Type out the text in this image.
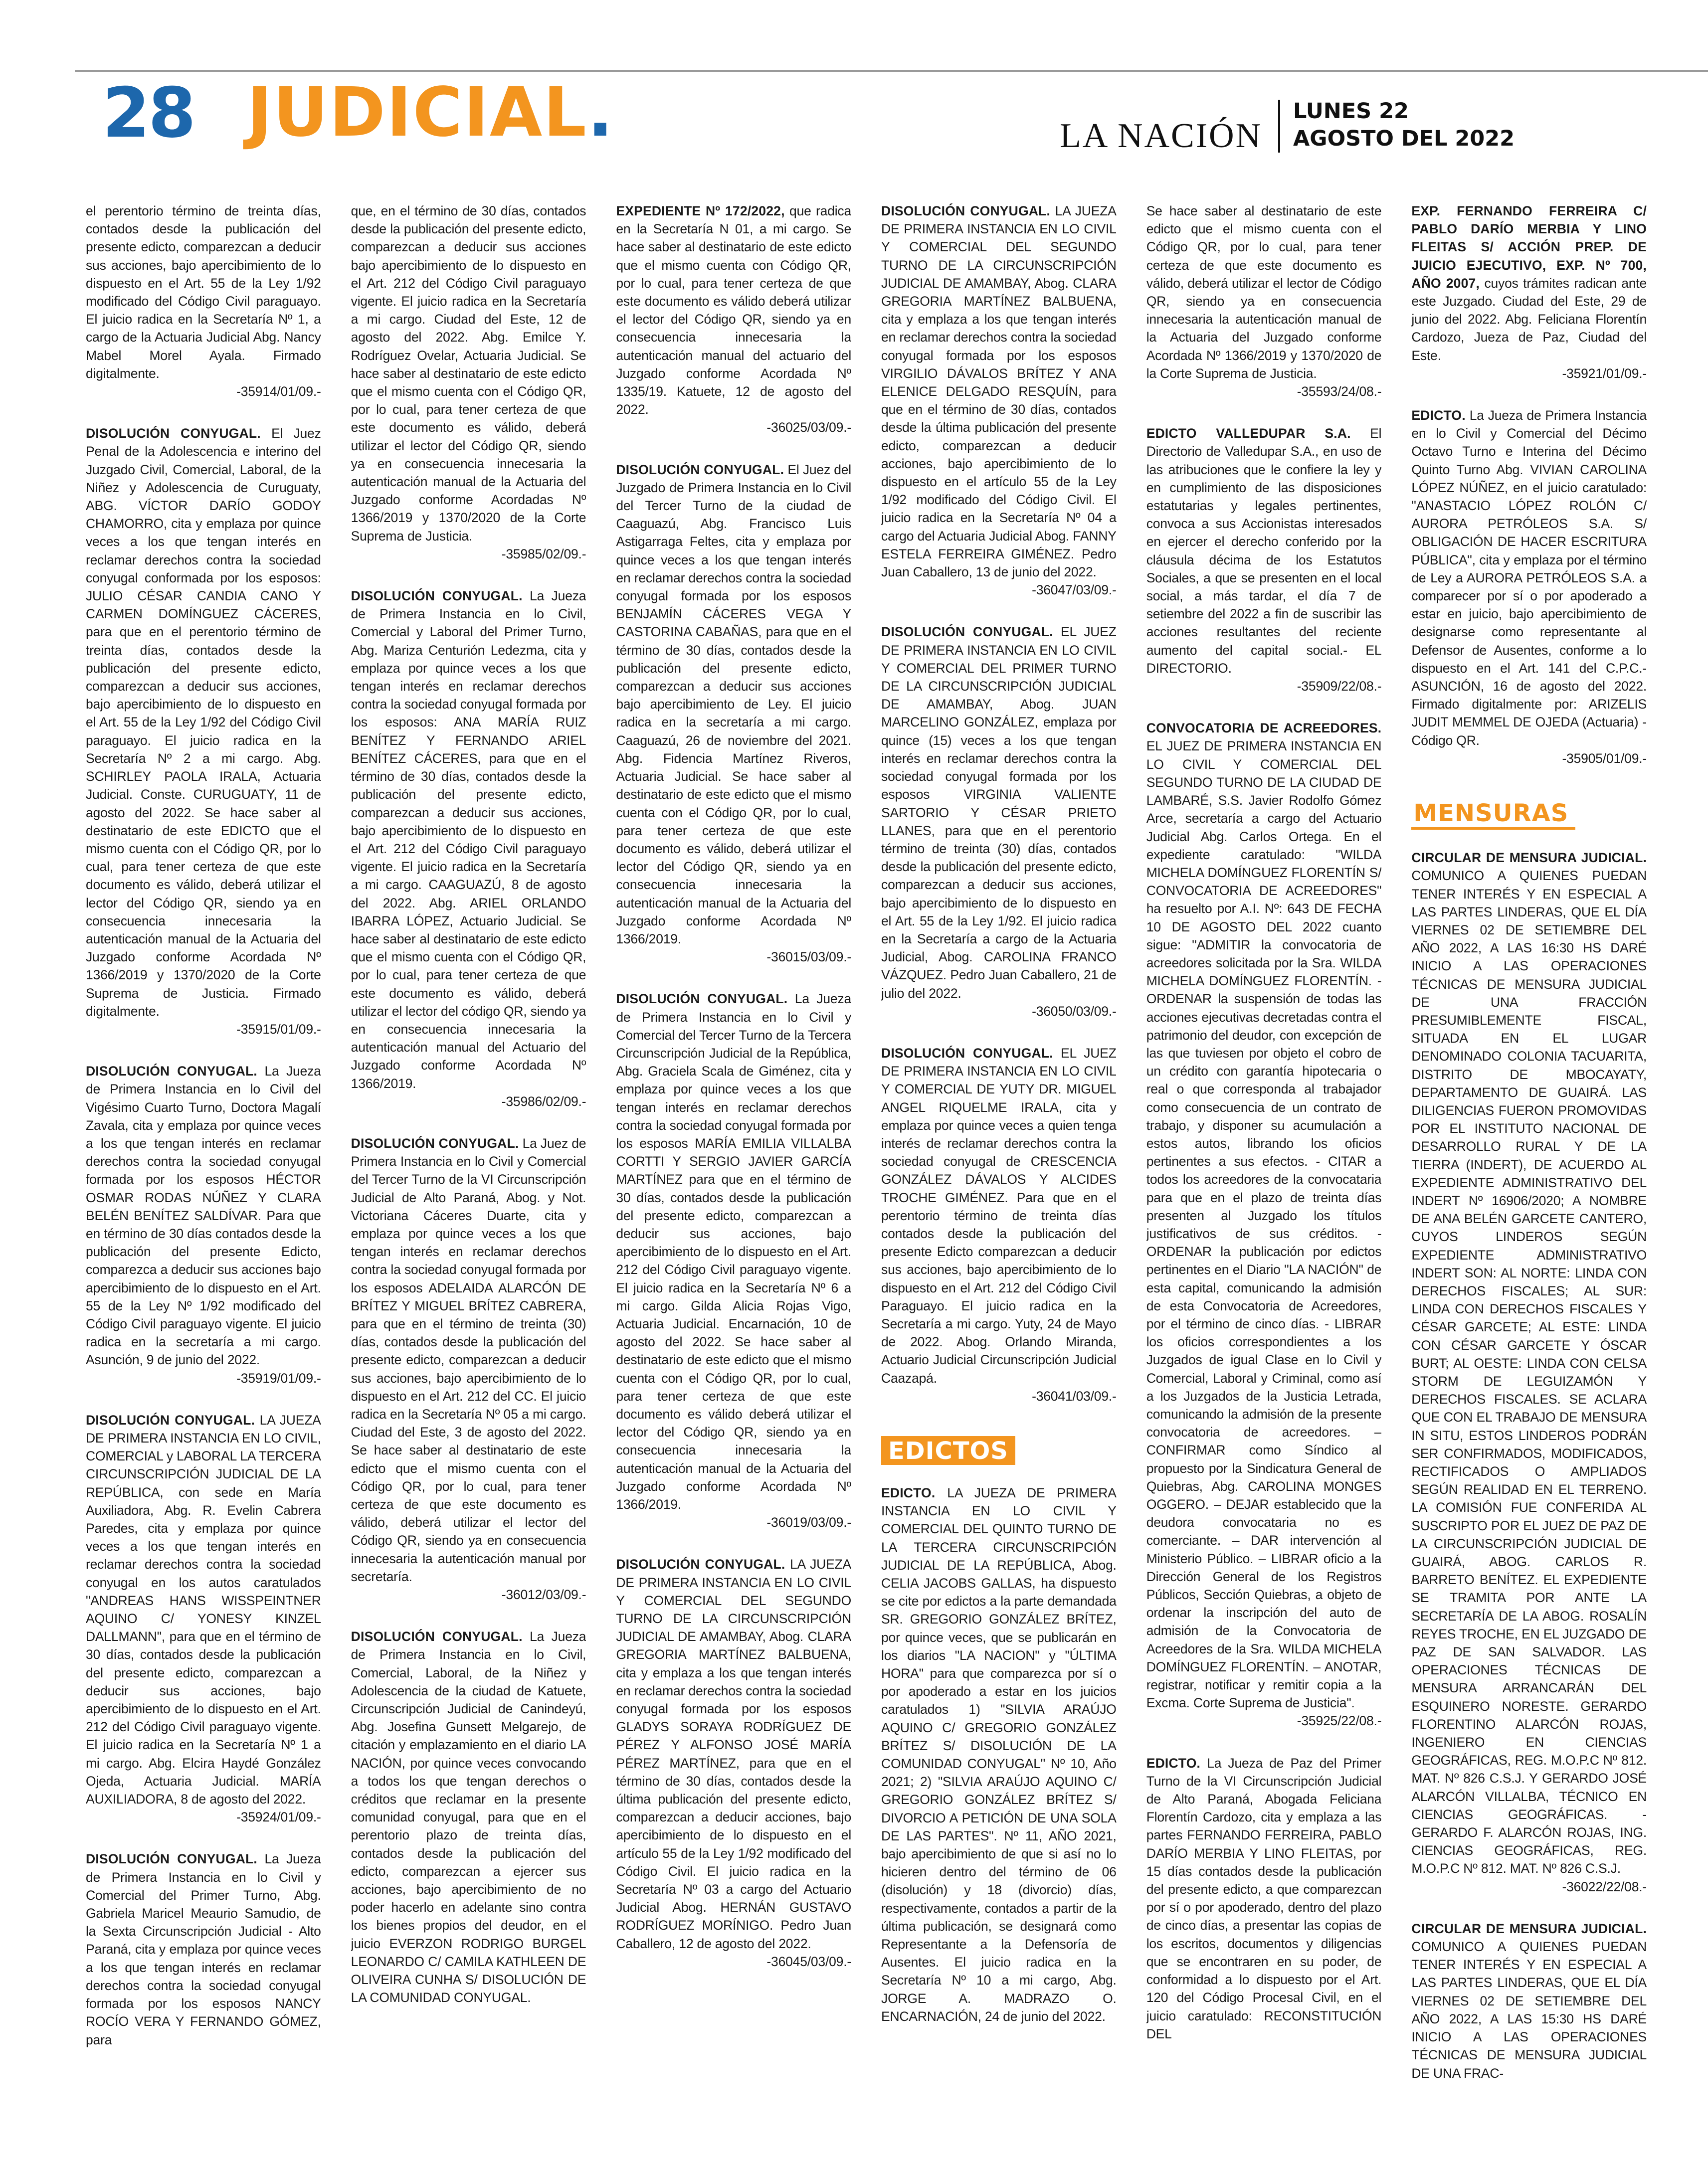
28 JUDICIAL.	LA NACIÓN
LUNES 22
AGOSTO DEL 2022

el perentorio término de treinta días, contados desde la publicación del presente edicto, comparezcan a deducir sus acciones, bajo apercibimiento de lo dispuesto en el Art. 55 de la Ley 1/92 modificado del Código Civil paraguayo. El juicio radica en la Secretaría Nº 1, a cargo de la Actuaria Judicial Abg. Nancy Mabel Morel Ayala. Firmado digitalmente.
-35914/01/09.-

DISOLUCIÓN CONYUGAL. El Juez Penal de la Adolescencia e interino del Juzgado Civil, Comercial, Laboral, de la Niñez y Adolescencia de Curuguaty, ABG. VÍCTOR DARÍO GODOY CHAMORRO, cita y emplaza por quince veces a los que tengan interés en reclamar derechos contra la sociedad conyugal conformada por los esposos: JULIO CÉSAR CANDIA CANO Y CARMEN DOMÍNGUEZ CÁCERES, para que en el perentorio término de treinta días, contados desde la publicación del presente edicto, comparezcan a deducir sus acciones, bajo apercibimiento de lo dispuesto en el Art. 55 de la Ley 1/92 del Código Civil paraguayo. El juicio radica en la Secretaría Nº 2 a mi cargo. Abg. SCHIRLEY PAOLA IRALA, Actuaria Judicial. Conste. CURUGUATY, 11 de agosto del 2022. Se hace saber al destinatario de este EDICTO que el mismo cuenta con el Código QR, por lo cual, para tener certeza de que este documento es válido, deberá utilizar el lector del Código QR, siendo ya en consecuencia innecesaria la autenticación manual de la Actuaria del Juzgado conforme Acordada Nº 1366/2019 y 1370/2020 de la Corte Suprema de Justicia. Firmado digitalmente.
-35915/01/09.-

DISOLUCIÓN CONYUGAL. La Jueza de Primera Instancia en lo Civil del Vigésimo Cuarto Turno, Doctora Magalí Zavala, cita y emplaza por quince veces a los que tengan interés en reclamar derechos contra la sociedad conyugal formada por los esposos HÉCTOR OSMAR RODAS NÚÑEZ Y CLARA BELÉN BENÍTEZ SALDÍVAR. Para que en término de 30 días contados desde la publicación del presente Edicto, comparezca a deducir sus acciones bajo apercibimiento de lo dispuesto en el Art. 55 de la Ley Nº 1/92 modificado del Código Civil paraguayo vigente. El juicio radica en la secretaría a mi cargo. Asunción, 9 de junio del 2022.
-35919/01/09.-

DISOLUCIÓN CONYUGAL. LA JUEZA DE PRIMERA INSTANCIA EN LO CIVIL, COMERCIAL y LABORAL LA TERCERA CIRCUNSCRIPCIÓN JUDICIAL DE LA REPÚBLICA, con sede en María Auxiliadora, Abg. R. Evelin Cabrera Paredes, cita y emplaza por quince veces a los que tengan interés en reclamar derechos contra la sociedad conyugal en los autos caratulados "ANDREAS HANS WISSPEINTNER AQUINO C/ YONESY KINZEL DALLMANN", para que en el término de 30 días, contados desde la publicación del presente edicto, comparezcan a deducir sus acciones, bajo apercibimiento de lo dispuesto en el Art. 212 del Código Civil paraguayo vigente. El juicio radica en la Secretaría Nº 1 a mi cargo. Abg. Elcira Haydé González Ojeda, Actuaria Judicial. MARÍA AUXILIADORA, 8 de agosto del 2022.
-35924/01/09.-

DISOLUCIÓN CONYUGAL. La Jueza de Primera Instancia en lo Civil y Comercial del Primer Turno, Abg. Gabriela Maricel Meaurio Samudio, de la Sexta Circunscripción Judicial - Alto Paraná, cita y emplaza por quince veces a los que tengan interés en reclamar derechos contra la sociedad conyugal formada por los esposos NANCY ROCÍO VERA Y FERNANDO GÓMEZ, para

que, en el término de 30 días, contados desde la publicación del presente edicto, comparezcan a deducir sus acciones bajo apercibimiento de lo dispuesto en el Art. 212 del Código Civil paraguayo vigente. El juicio radica en la Secretaría a mi cargo. Ciudad del Este, 12 de agosto del 2022. Abg. Emilce Y. Rodríguez Ovelar, Actuaria Judicial. Se hace saber al destinatario de este edicto que el mismo cuenta con el Código QR, por lo cual, para tener certeza de que este documento es válido, deberá utilizar el lector del Código QR, siendo ya en consecuencia innecesaria la autenticación manual de la Actuaria del Juzgado conforme Acordadas Nº 1366/2019 y 1370/2020 de la Corte Suprema de Justicia.
-35985/02/09.-

DISOLUCIÓN CONYUGAL. La Jueza de Primera Instancia en lo Civil, Comercial y Laboral del Primer Turno, Abg. Mariza Centurión Ledezma, cita y emplaza por quince veces a los que tengan interés en reclamar derechos contra la sociedad conyugal formada por los esposos: ANA MARÍA RUIZ BENÍTEZ Y FERNANDO ARIEL BENÍTEZ CÁCERES, para que en el término de 30 días, contados desde la publicación del presente edicto, comparezcan a deducir sus acciones, bajo apercibimiento de lo dispuesto en el Art. 212 del Código Civil paraguayo vigente. El juicio radica en la Secretaría a mi cargo. CAAGUAZÚ, 8 de agosto del 2022. Abg. ARIEL ORLANDO IBARRA LÓPEZ, Actuario Judicial. Se hace saber al destinatario de este edicto que el mismo cuenta con el Código QR, por lo cual, para tener certeza de que este documento es válido, deberá utilizar el lector del código QR, siendo ya en consecuencia innecesaria la autenticación manual del Actuario del Juzgado conforme Acordada Nº 1366/2019.
-35986/02/09.-

DISOLUCIÓN CONYUGAL. La Juez de Primera Instancia en lo Civil y Comercial del Tercer Turno de la VI Circunscripción Judicial de Alto Paraná, Abog. y Not. Victoriana Cáceres Duarte, cita y emplaza por quince veces a los que tengan interés en reclamar derechos contra la sociedad conyugal formada por los esposos ADELAIDA ALARCÓN DE BRÍTEZ Y MIGUEL BRÍTEZ CABRERA, para que en el término de treinta (30) días, contados desde la publicación del presente edicto, comparezcan a deducir sus acciones, bajo apercibimiento de lo dispuesto en el Art. 212 del CC. El juicio radica en la Secretaría Nº 05 a mi cargo. Ciudad del Este, 3 de agosto del 2022. Se hace saber al destinatario de este edicto que el mismo cuenta con el Código QR, por lo cual, para tener certeza de que este documento es válido, deberá utilizar el lector del Código QR, siendo ya en consecuencia innecesaria la autenticación manual por secretaría.
-36012/03/09.-

DISOLUCIÓN CONYUGAL. La Jueza de Primera Instancia en lo Civil, Comercial, Laboral, de la Niñez y Adolescencia de la ciudad de Katuete, Circunscripción Judicial de Canindeyú, Abg. Josefina Gunsett Melgarejo, de citación y emplazamiento en el diario LA NACIÓN, por quince veces convocando a todos los que tengan derechos o créditos que reclamar en la presente comunidad conyugal, para que en el perentorio plazo de treinta días, contados desde la publicación del edicto, comparezcan a ejercer sus acciones, bajo apercibimiento de no poder hacerlo en adelante sino contra los bienes propios del deudor, en el juicio EVERZON RODRIGO BURGEL LEONARDO C/ CAMILA KATHLEEN DE OLIVEIRA CUNHA S/ DISOLUCIÓN DE LA COMUNIDAD CONYUGAL.

EXPEDIENTE Nº 172/2022, que radica en la Secretaría N 01, a mi cargo. Se hace saber al destinatario de este edicto que el mismo cuenta con Código QR, por lo cual, para tener certeza de que este documento es válido deberá utilizar el lector del Código QR, siendo ya en consecuencia innecesaria la autenticación manual del actuario del Juzgado conforme Acordada Nº 1335/19. Katuete, 12 de agosto del 2022.
-36025/03/09.-

DISOLUCIÓN CONYUGAL. El Juez del Juzgado de Primera Instancia en lo Civil del Tercer Turno de la ciudad de Caaguazú, Abg. Francisco Luis Astigarraga Feltes, cita y emplaza por quince veces a los que tengan interés en reclamar derechos contra la sociedad conyugal formada por los esposos BENJAMÍN CÁCERES VEGA Y CASTORINA CABAÑAS, para que en el término de 30 días, contados desde la publicación del presente edicto, comparezcan a deducir sus acciones bajo apercibimiento de Ley. El juicio radica en la secretaría a mi cargo. Caaguazú, 26 de noviembre del 2021. Abg. Fidencia Martínez Riveros, Actuaria Judicial. Se hace saber al destinatario de este edicto que el mismo cuenta con el Código QR, por lo cual, para tener certeza de que este documento es válido, deberá utilizar el lector del Código QR, siendo ya en consecuencia innecesaria la autenticación manual de la Actuaria del Juzgado conforme Acordada Nº 1366/2019.
-36015/03/09.-

DISOLUCIÓN CONYUGAL. La Jueza de Primera Instancia en lo Civil y Comercial del Tercer Turno de la Tercera Circunscripción Judicial de la República, Abg. Graciela Scala de Giménez, cita y emplaza por quince veces a los que tengan interés en reclamar derechos contra la sociedad conyugal formada por los esposos MARÍA EMILIA VILLALBA CORTTI Y SERGIO JAVIER GARCÍA MARTÍNEZ para que en el término de 30 días, contados desde la publicación del presente edicto, comparezcan a deducir sus acciones, bajo apercibimiento de lo dispuesto en el Art. 212 del Código Civil paraguayo vigente. El juicio radica en la Secretaría Nº 6 a mi cargo. Gilda Alicia Rojas Vigo, Actuaria Judicial. Encarnación, 10 de agosto del 2022. Se hace saber al destinatario de este edicto que el mismo cuenta con el Código QR, por lo cual, para tener certeza de que este documento es válido deberá utilizar el lector del Código QR, siendo ya en consecuencia innecesaria la autenticación manual de la Actuaria del Juzgado conforme Acordada Nº 1366/2019.
-36019/03/09.-

DISOLUCIÓN CONYUGAL. LA JUEZA DE PRIMERA INSTANCIA EN LO CIVIL Y COMERCIAL DEL SEGUNDO TURNO DE LA CIRCUNSCRIPCIÓN JUDICIAL DE AMAMBAY, Abog. CLARA GREGORIA MARTÍNEZ BALBUENA, cita y emplaza a los que tengan interés en reclamar derechos contra la sociedad conyugal formada por los esposos GLADYS SORAYA RODRÍGUEZ DE PÉREZ Y ALFONSO JOSÉ MARÍA PÉREZ MARTÍNEZ, para que en el término de 30 días, contados desde la última publicación del presente edicto, comparezcan a deducir acciones, bajo apercibimiento de lo dispuesto en el artículo 55 de la Ley 1/92 modificado del Código Civil. El juicio radica en la Secretaría Nº 03 a cargo del Actuario Judicial Abog. HERNÁN GUSTAVO RODRÍGUEZ MORÍNIGO. Pedro Juan Caballero, 12 de agosto del 2022.
-36045/03/09.-

DISOLUCIÓN CONYUGAL. LA JUEZA DE PRIMERA INSTANCIA EN LO CIVIL Y COMERCIAL DEL SEGUNDO TURNO DE LA CIRCUNSCRIPCIÓN JUDICIAL DE AMAMBAY, Abog. CLARA GREGORIA MARTÍNEZ BALBUENA, cita y emplaza a los que tengan interés en reclamar derechos contra la sociedad conyugal formada por los esposos VIRGILIO DÁVALOS BRÍTEZ Y ANA ELENICE DELGADO RESQUÍN, para que en el término de 30 días, contados desde la última publicación del presente edicto, comparezcan a deducir acciones, bajo apercibimiento de lo dispuesto en el artículo 55 de la Ley 1/92 modificado del Código Civil. El juicio radica en la Secretaría Nº 04 a cargo del Actuaria Judicial Abog. FANNY ESTELA FERREIRA GIMÉNEZ. Pedro Juan Caballero, 13 de junio del 2022.
-36047/03/09.-

DISOLUCIÓN CONYUGAL. EL JUEZ DE PRIMERA INSTANCIA EN LO CIVIL Y COMERCIAL DEL PRIMER TURNO DE LA CIRCUNSCRIPCIÓN JUDICIAL DE AMAMBAY, Abog. JUAN MARCELINO GONZÁLEZ, emplaza por quince (15) veces a los que tengan interés en reclamar derechos contra la sociedad conyugal formada por los esposos VIRGINIA VALIENTE SARTORIO Y CÉSAR PRIETO LLANES, para que en el perentorio término de treinta (30) días, contados desde la publicación del presente edicto, comparezcan a deducir sus acciones, bajo apercibimiento de lo dispuesto en el Art. 55 de la Ley 1/92. El juicio radica en la Secretaría a cargo de la Actuaria Judicial, Abog. CAROLINA FRANCO VÁZQUEZ. Pedro Juan Caballero, 21 de julio del 2022.
-36050/03/09.-

DISOLUCIÓN CONYUGAL. EL JUEZ DE PRIMERA INSTANCIA EN LO CIVIL Y COMERCIAL DE YUTY DR. MIGUEL ANGEL RIQUELME IRALA, cita y emplaza por quince veces a quien tenga interés de reclamar derechos contra la sociedad conyugal de CRESCENCIA GONZÁLEZ DÁVALOS Y ALCIDES TROCHE GIMÉNEZ. Para que en el perentorio término de treinta días contados desde la publicación del presente Edicto comparezcan a deducir sus acciones, bajo apercibimiento de lo dispuesto en el Art. 212 del Código Civil Paraguayo. El juicio radica en la Secretaría a mi cargo. Yuty, 24 de Mayo de 2022. Abog. Orlando Miranda, Actuario Judicial Circunscripción Judicial Caazapá.
-36041/03/09.-

EDICTOS

EDICTO. LA JUEZA DE PRIMERA INSTANCIA EN LO CIVIL Y COMERCIAL DEL QUINTO TURNO DE LA TERCERA CIRCUNSCRIPCIÓN JUDICIAL DE LA REPÚBLICA, Abog. CELIA JACOBS GALLAS, ha dispuesto se cite por edictos a la parte demandada SR. GREGORIO GONZÁLEZ BRÍTEZ, por quince veces, que se publicarán en los diarios "LA NACION" y "ÚLTIMA HORA" para que comparezca por sí o por apoderado a estar en los juicios caratulados 1) "SILVIA ARAÚJO AQUINO C/ GREGORIO GONZÁLEZ BRÍTEZ S/ DISOLUCIÓN DE LA COMUNIDAD CONYUGAL" Nº 10, Año 2021; 2) "SILVIA ARAÚJO AQUINO C/ GREGORIO GONZÁLEZ BRÍTEZ S/ DIVORCIO A PETICIÓN DE UNA SOLA DE LAS PARTES". Nº 11, AÑO 2021, bajo apercibimiento de que si así no lo hicieren dentro del término de 06 (disolución) y 18 (divorcio) días, respectivamente, contados a partir de la última publicación, se designará como Representante a la Defensoría de Ausentes. El juicio radica en la Secretaría Nº 10 a mi cargo, Abg. JORGE A. MADRAZO O. ENCARNACIÓN, 24 de junio del 2022.

Se hace saber al destinatario de este edicto que el mismo cuenta con el Código QR, por lo cual, para tener certeza de que este documento es válido, deberá utilizar el lector de Código QR, siendo ya en consecuencia innecesaria la autenticación manual de la Actuaria del Juzgado conforme Acordada Nº 1366/2019 y 1370/2020 de la Corte Suprema de Justicia.
-35593/24/08.-

EDICTO VALLEDUPAR S.A. El Directorio de Valledupar S.A., en uso de las atribuciones que le confiere la ley y en cumplimiento de las disposiciones estatutarias y legales pertinentes, convoca a sus Accionistas interesados en ejercer el derecho conferido por la cláusula décima de los Estatutos Sociales, a que se presenten en el local social, a más tardar, el día 7 de setiembre del 2022 a fin de suscribir las acciones resultantes del reciente aumento del capital social.- EL DIRECTORIO.
-35909/22/08.-

CONVOCATORIA DE ACREEDORES. EL JUEZ DE PRIMERA INSTANCIA EN LO CIVIL Y COMERCIAL DEL SEGUNDO TURNO DE LA CIUDAD DE LAMBARÉ, S.S. Javier Rodolfo Gómez Arce, secretaría a cargo del Actuario Judicial Abg. Carlos Ortega. En el expediente caratulado: "WILDA MICHELA DOMÍNGUEZ FLORENTÍN S/ CONVOCATORIA DE ACREEDORES" ha resuelto por A.I. Nº: 643 DE FECHA 10 DE AGOSTO DEL 2022 cuanto sigue: "ADMITIR la convocatoria de acreedores solicitada por la Sra. WILDA MICHELA DOMÍNGUEZ FLORENTÍN. - ORDENAR la suspensión de todas las acciones ejecutivas decretadas contra el patrimonio del deudor, con excepción de las que tuviesen por objeto el cobro de un crédito con garantía hipotecaria o real o que corresponda al trabajador como consecuencia de un contrato de trabajo, y disponer su acumulación a estos autos, librando los oficios pertinentes a sus efectos. - CITAR a todos los acreedores de la convocataria para que en el plazo de treinta días presenten al Juzgado los títulos justificativos de sus créditos. - ORDENAR la publicación por edictos pertinentes en el Diario "LA NACIÓN" de esta capital, comunicando la admisión de esta Convocatoria de Acreedores, por el término de cinco días. - LIBRAR los oficios correspondientes a los Juzgados de igual Clase en lo Civil y Comercial, Laboral y Criminal, como así a los Juzgados de la Justicia Letrada, comunicando la admisión de la presente convocatoria de acreedores. – CONFIRMAR como Síndico al propuesto por la Sindicatura General de Quiebras, Abg. CAROLINA MONGES OGGERO. – DEJAR establecido que la deudora convocataria no es comerciante. – DAR intervención al Ministerio Público. – LIBRAR oficio a la Dirección General de los Registros Públicos, Sección Quiebras, a objeto de ordenar la inscripción del auto de admisión de la Convocatoria de Acreedores de la Sra. WILDA MICHELA DOMÍNGUEZ FLORENTÍN. – ANOTAR, registrar, notificar y remitir copia a la Excma. Corte Suprema de Justicia".
-35925/22/08.-

EDICTO. La Jueza de Paz del Primer Turno de la VI Circunscripción Judicial de Alto Paraná, Abogada Feliciana Florentín Cardozo, cita y emplaza a las partes FERNANDO FERREIRA, PABLO DARÍO MERBIA Y LINO FLEITAS, por 15 días contados desde la publicación del presente edicto, a que comparezcan por sí o por apoderado, dentro del plazo de cinco días, a presentar las copias de los escritos, documentos y diligencias que se encontraren en su poder, de conformidad a lo dispuesto por el Art. 120 del Código Procesal Civil, en el juicio caratulado: RECONSTITUCIÓN DEL

EXP. FERNANDO FERREIRA C/ PABLO DARÍO MERBIA Y LINO FLEITAS S/ ACCIÓN PREP. DE JUICIO EJECUTIVO, EXP. Nº 700, AÑO 2007, cuyos trámites radican ante este Juzgado. Ciudad del Este, 29 de junio del 2022. Abg. Feliciana Florentín Cardozo, Jueza de Paz, Ciudad del Este.
-35921/01/09.-

EDICTO. La Jueza de Primera Instancia en lo Civil y Comercial del Décimo Octavo Turno e Interina del Décimo Quinto Turno Abg. VIVIAN CAROLINA LÓPEZ NÚÑEZ, en el juicio caratulado: "ANASTACIO LÓPEZ ROLÓN C/ AURORA PETRÓLEOS S.A. S/ OBLIGACIÓN DE HACER ESCRITURA PÚBLICA", cita y emplaza por el término de Ley a AURORA PETRÓLEOS S.A. a comparecer por sí o por apoderado a estar en juicio, bajo apercibimiento de designarse como representante al Defensor de Ausentes, conforme a lo dispuesto en el Art. 141 del C.P.C.- ASUNCIÓN, 16 de agosto del 2022. Firmado digitalmente por: ARIZELIS JUDIT MEMMEL DE OJEDA (Actuaria) - Código QR.
-35905/01/09.-

MENSURAS

CIRCULAR DE MENSURA JUDICIAL. COMUNICO A QUIENES PUEDAN TENER INTERÉS Y EN ESPECIAL A LAS PARTES LINDERAS, QUE EL DÍA VIERNES 02 DE SETIEMBRE DEL AÑO 2022, A LAS 16:30 HS DARÉ INICIO A LAS OPERACIONES TÉCNICAS DE MENSURA JUDICIAL DE UNA FRACCIÓN PRESUMIBLEMENTE FISCAL, SITUADA EN EL LUGAR DENOMINADO COLONIA TACUARITA, DISTRITO DE MBOCAYATY, DEPARTAMENTO DE GUAIRÁ. LAS DILIGENCIAS FUERON PROMOVIDAS POR EL INSTITUTO NACIONAL DE DESARROLLO RURAL Y DE LA TIERRA (INDERT), DE ACUERDO AL EXPEDIENTE ADMINISTRATIVO DEL INDERT Nº 16906/2020; A NOMBRE DE ANA BELÉN GARCETE CANTERO, CUYOS LINDEROS SEGÚN EXPEDIENTE ADMINISTRATIVO INDERT SON: AL NORTE: LINDA CON DERECHOS FISCALES; AL SUR: LINDA CON DERECHOS FISCALES Y CÉSAR GARCETE; AL ESTE: LINDA CON CÉSAR GARCETE Y ÓSCAR BURT; AL OESTE: LINDA CON CELSA STORM DE LEGUIZAMÓN Y DERECHOS FISCALES. SE ACLARA QUE CON EL TRABAJO DE MENSURA IN SITU, ESTOS LINDEROS PODRÁN SER CONFIRMADOS, MODIFICADOS, RECTIFICADOS O AMPLIADOS SEGÚN REALIDAD EN EL TERRENO. LA COMISIÓN FUE CONFERIDA AL SUSCRIPTO POR EL JUEZ DE PAZ DE LA CIRCUNSCRIPCIÓN JUDICIAL DE GUAIRÁ, ABOG. CARLOS R. BARRETO BENÍTEZ. EL EXPEDIENTE SE TRAMITA POR ANTE LA SECRETARÍA DE LA ABOG. ROSALÍN REYES TROCHE, EN EL JUZGADO DE PAZ DE SAN SALVADOR. LAS OPERACIONES TÉCNICAS DE MENSURA ARRANCARÁN DEL ESQUINERO NORESTE. GERARDO FLORENTINO ALARCÓN ROJAS, INGENIERO EN CIENCIAS GEOGRÁFICAS, REG. M.O.P.C Nº 812. MAT. Nº 826 C.S.J. Y GERARDO JOSÉ ALARCÓN VILLALBA, TÉCNICO EN CIENCIAS GEOGRÁFICAS. -GERARDO F. ALARCÓN ROJAS, ING. CIENCIAS GEOGRÁFICAS, REG. M.O.P.C Nº 812. MAT. Nº 826 C.S.J.
-36022/22/08.-

CIRCULAR DE MENSURA JUDICIAL. COMUNICO A QUIENES PUEDAN TENER INTERÉS Y EN ESPECIAL A LAS PARTES LINDERAS, QUE EL DÍA VIERNES 02 DE SETIEMBRE DEL AÑO 2022, A LAS 15:30 HS DARÉ INICIO A LAS OPERACIONES TÉCNICAS DE MENSURA JUDICIAL DE UNA FRAC-
